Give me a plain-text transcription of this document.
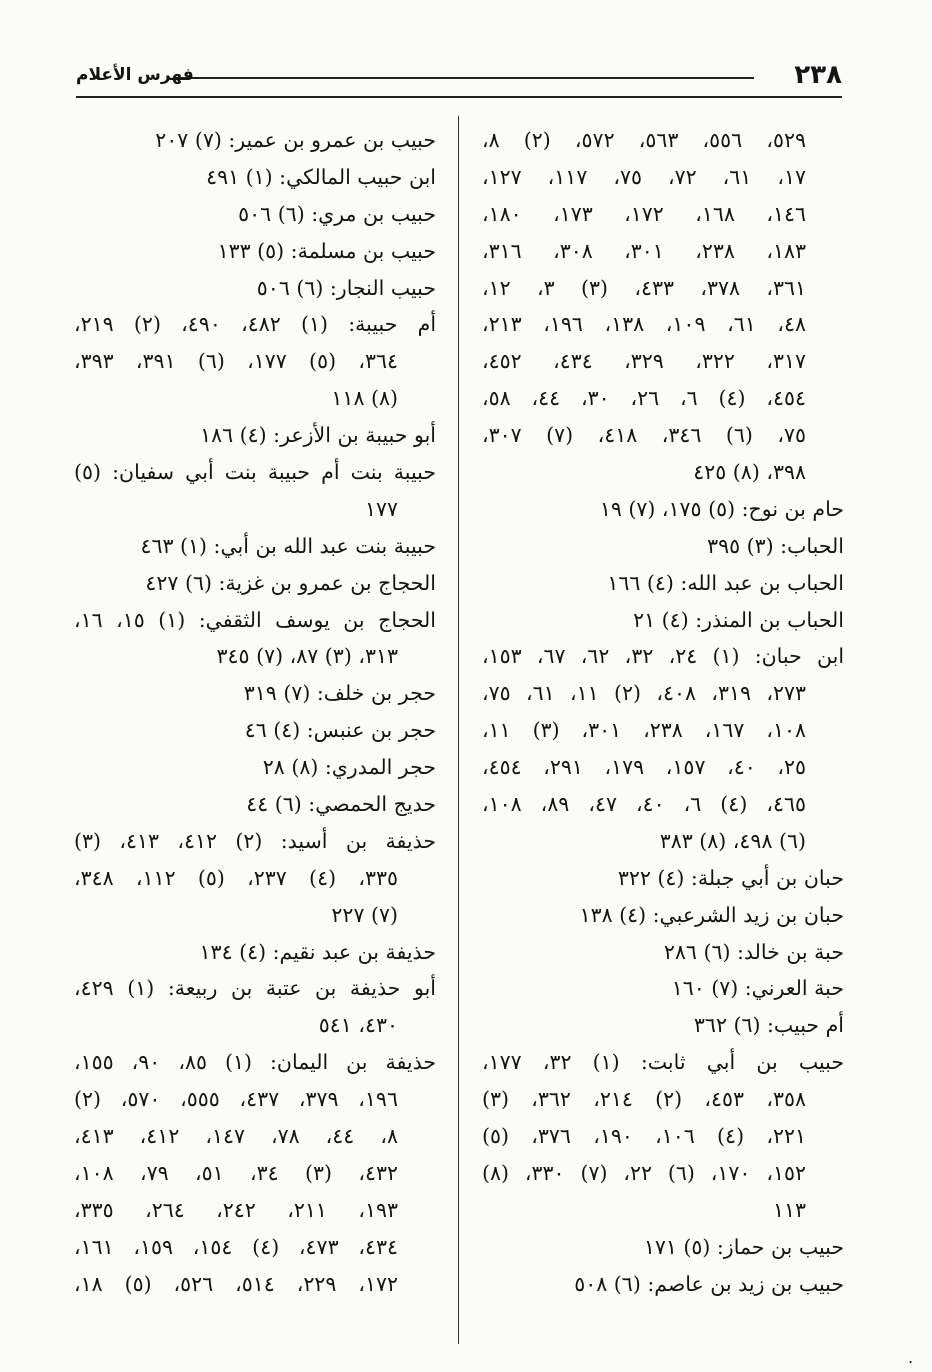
٢٣٨
فهرس الأعلام
٥٢٩، ٥٥٦، ٥٦٣، ٥٧٢، (٢) ٨،
١٧، ٦١، ٧٢، ٧٥، ١١٧، ١٢٧،
١٤٦، ١٦٨، ١٧٢، ١٧٣، ١٨٠،
١٨٣، ٢٣٨، ٣٠١، ٣٠٨، ٣١٦،
٣٦١، ٣٧٨، ٤٣٣، (٣) ٣، ١٢،
٤٨، ٦١، ١٠٩، ١٣٨، ١٩٦، ٢١٣،
٣١٧، ٣٢٢، ٣٢٩، ٤٣٤، ٤٥٢،
٤٥٤، (٤) ٦، ٢٦، ٣٠، ٤٤، ٥٨،
٧٥، (٦) ٣٤٦، ٤١٨، (٧) ٣٠٧،
٣٩٨، (٨) ٤٢٥
حام بن نوح: (٥) ١٧٥، (٧) ١٩
الحباب: (٣) ٣٩٥
الحباب بن عبد الله: (٤) ١٦٦
الحباب بن المنذر: (٤) ٢١
ابن حبان: (١) ٢٤، ٣٢، ٦٢، ٦٧، ١٥٣،
٢٧٣، ٣١٩، ٤٠٨، (٢) ١١، ٦١، ٧٥،
١٠٨، ١٦٧، ٢٣٨، ٣٠١، (٣) ١١،
٢٥، ٤٠، ١٥٧، ١٧٩، ٢٩١، ٤٥٤،
٤٦٥، (٤) ٦، ٤٠، ٤٧، ٨٩، ١٠٨،
(٦) ٤٩٨، (٨) ٣٨٣
حبان بن أبي جبلة: (٤) ٣٢٢
حبان بن زيد الشرعبي: (٤) ١٣٨
حبة بن خالد: (٦) ٢٨٦
حبة العرني: (٧) ١٦٠
أم حبيب: (٦) ٣٦٢
حبيب بن أبي ثابت: (١) ٣٢، ١٧٧،
٣٥٨، ٤٥٣، (٢) ٢١٤، ٣٦٢، (٣)
٢٢١، (٤) ١٠٦، ١٩٠، ٣٧٦، (٥)
١٥٢، ١٧٠، (٦) ٢٢، (٧) ٣٣٠، (٨)
١١٣
حبيب بن حماز: (٥) ١٧١
حبيب بن زيد بن عاصم: (٦) ٥٠٨
حبيب بن عمرو بن عمير: (٧) ٢٠٧
ابن حبيب المالكي: (١) ٤٩١
حبيب بن مري: (٦) ٥٠٦
حبيب بن مسلمة: (٥) ١٣٣
حبيب النجار: (٦) ٥٠٦
أم حبيبة: (١) ٤٨٢، ٤٩٠، (٢) ٢١٩،
٣٦٤، (٥) ١٧٧، (٦) ٣٩١، ٣٩٣،
(٨) ١١٨
أبو حبيبة بن الأزعر: (٤) ١٨٦
حبيبة بنت أم حبيبة بنت أبي سفيان: (٥)
١٧٧
حبيبة بنت عبد الله بن أبي: (١) ٤٦٣
الحجاج بن عمرو بن غزية: (٦) ٤٢٧
الحجاج بن يوسف الثقفي: (١) ١٥، ١٦،
٣١٣، (٣) ٨٧، (٧) ٣٤٥
حجر بن خلف: (٧) ٣١٩
حجر بن عنبس: (٤) ٤٦
حجر المدري: (٨) ٢٨
حديج الحمصي: (٦) ٤٤
حذيفة بن أسيد: (٢) ٤١٢، ٤١٣، (٣)
٣٣٥، (٤) ٢٣٧، (٥) ١١٢، ٣٤٨،
(٧) ٢٢٧
حذيفة بن عبد نقيم: (٤) ١٣٤
أبو حذيفة بن عتبة بن ربيعة: (١) ٤٢٩،
٤٣٠، ٥٤١
حذيفة بن اليمان: (١) ٨٥، ٩٠، ١٥٥،
١٩٦، ٣٧٩، ٤٣٧، ٥٥٥، ٥٧٠، (٢)
٨، ٤٤، ٧٨، ١٤٧، ٤١٢، ٤١٣،
٤٣٢، (٣) ٣٤، ٥١، ٧٩، ١٠٨،
١٩٣، ٢١١، ٢٤٢، ٢٦٤، ٣٣٥،
٤٣٤، ٤٧٣، (٤) ١٥٤، ١٥٩، ١٦١،
١٧٢، ٢٢٩، ٥١٤، ٥٢٦، (٥) ١٨،
.
